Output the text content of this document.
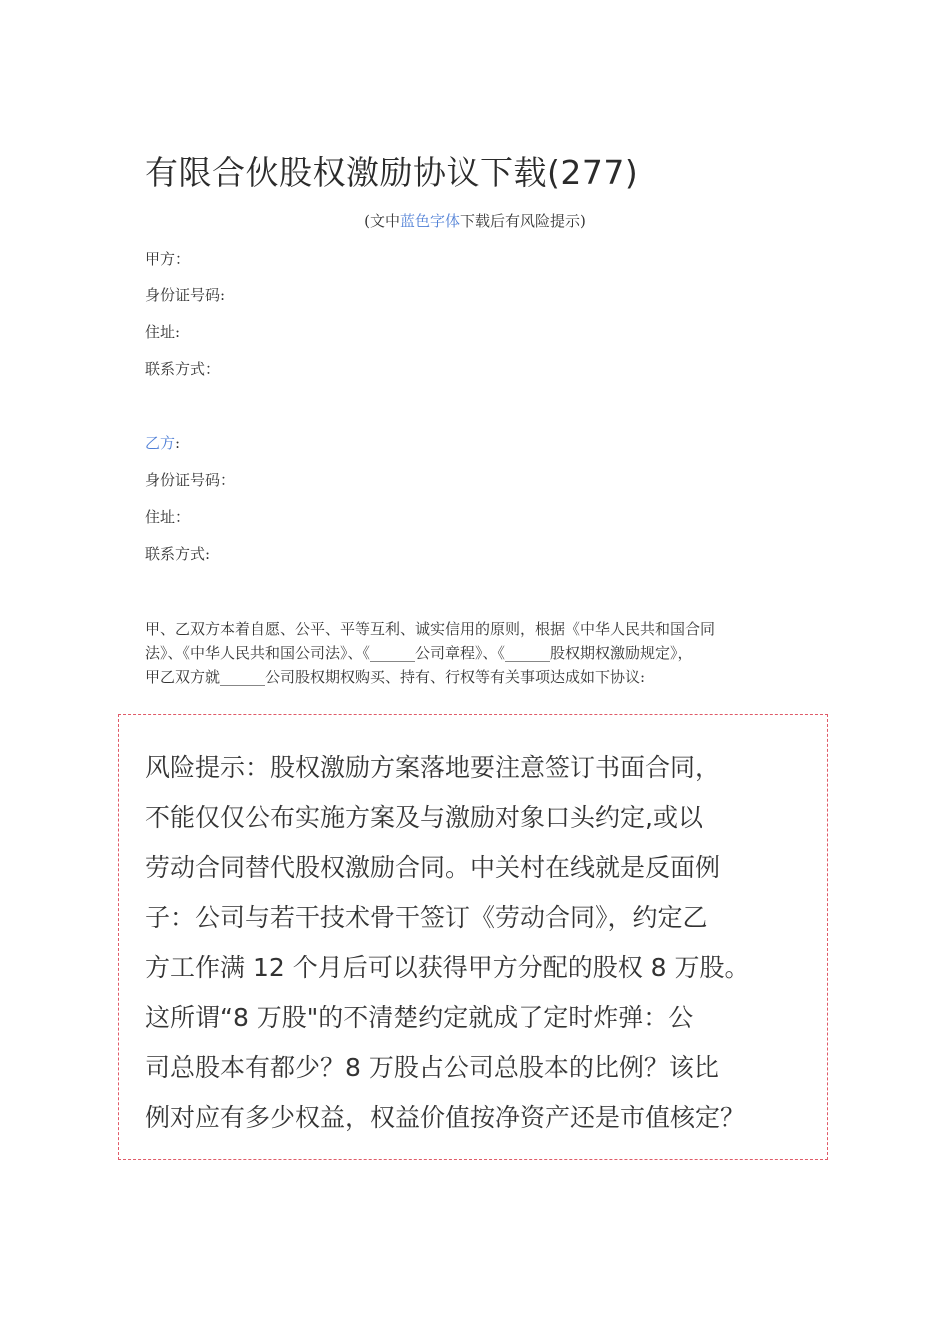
有限合伙股权激励协议下载(277)
(文中蓝色字体下载后有风险提示)
甲方：
身份证号码:
住址:
联系方式：
乙方:
身份证号码：
住址：
联系方式:
甲、乙双方本着自愿、公平、平等互利、诚实信用的原则，根据《中华人民共和国合同
法》、《中华人民共和国公司法》、《______公司章程》、《______股权期权激励规定》，
甲乙双方就______公司股权期权购买、持有、行权等有关事项达成如下协议:
风险提示：股权激励方案落地要注意签订书面合同，
不能仅仅公布实施方案及与激励对象口头约定,或以
劳动合同替代股权激励合同。中关村在线就是反面例
子：公司与若干技术骨干签订《劳动合同》，约定乙
方工作满 12 个月后可以获得甲方分配的股权 8 万股。
这所谓“8 万股"的不清楚约定就成了定时炸弹：公
司总股本有都少？8 万股占公司总股本的比例？该比
例对应有多少权益，权益价值按净资产还是市值核定？
